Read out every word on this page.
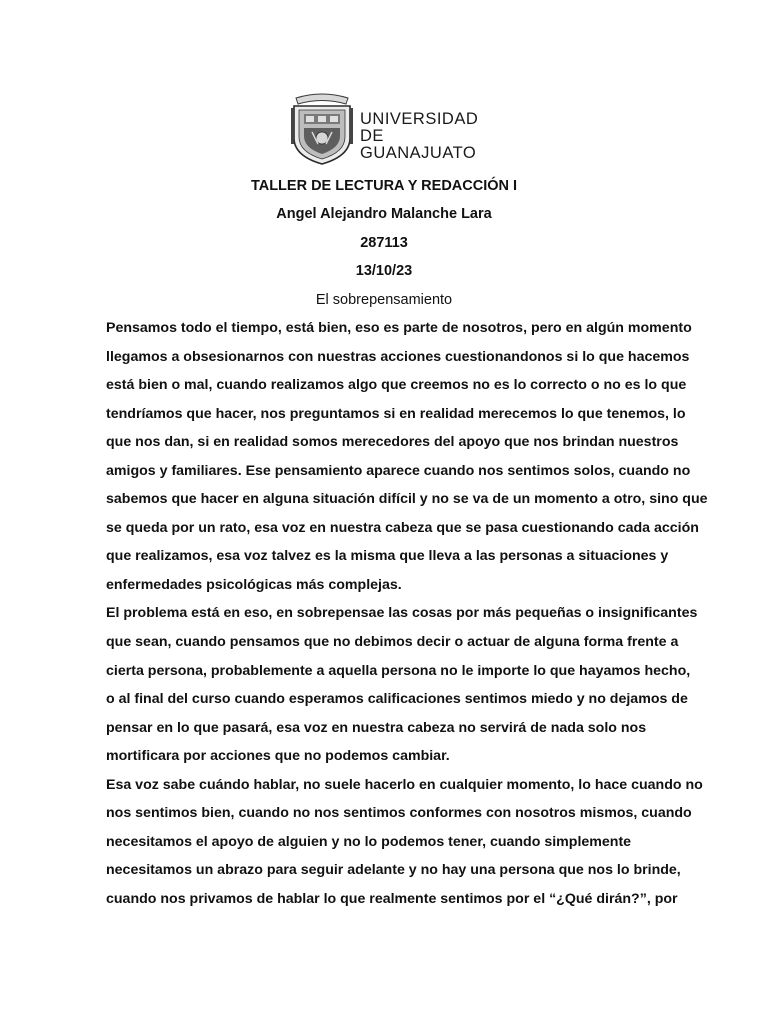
UNIVERSIDAD DE
GUANAJUATO
TALLER DE LECTURA Y REDACCIÓN I
Angel Alejandro Malanche Lara
287113
13/10/23
El sobrepensamiento
Pensamos todo el tiempo, está bien, eso es parte de nosotros, pero en algún momento
llegamos a obsesionarnos con nuestras acciones cuestionandonos si lo que hacemos
está bien o mal, cuando realizamos algo que creemos no es lo correcto o no es lo que
tendríamos que hacer, nos preguntamos si en realidad merecemos lo que tenemos, lo
que nos dan, si en realidad somos merecedores del apoyo que nos brindan nuestros
amigos y familiares. Ese pensamiento aparece cuando nos sentimos solos, cuando no
sabemos que hacer en alguna situación difícil y no se va de un momento a otro, sino que
se queda por un rato, esa voz en nuestra cabeza que se pasa cuestionando cada acción
que realizamos, esa voz talvez es la misma que lleva a las personas a situaciones y
enfermedades psicológicas más complejas.
El problema está en eso, en sobrepensae las cosas por más pequeñas o insignificantes
que sean, cuando pensamos que no debimos decir o actuar de alguna forma frente a
cierta persona, probablemente a aquella persona no le importe lo que hayamos hecho,
o al final del curso cuando esperamos calificaciones sentimos miedo y no dejamos de
pensar en lo que pasará, esa voz en nuestra cabeza no servirá de nada solo nos
mortificara por acciones que no podemos cambiar.
Esa voz sabe cuándo hablar, no suele hacerlo en cualquier momento, lo hace cuando no
nos sentimos bien, cuando no nos sentimos conformes con nosotros mismos, cuando
necesitamos el apoyo de alguien y no lo podemos tener, cuando simplemente
necesitamos un abrazo para seguir adelante y no hay una persona que nos lo brinde,
cuando nos privamos de hablar lo que realmente sentimos por el “¿Qué dirán?”, por
